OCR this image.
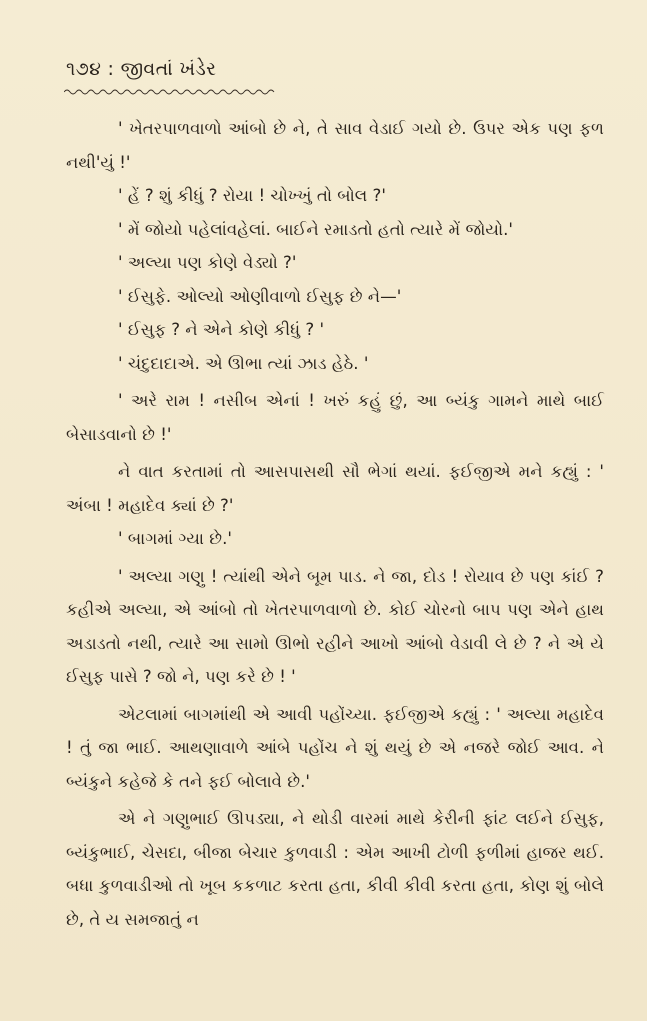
૧૭૪ : જીવતાં ખંડેર

' ખેતરપાળવાળો આંબો છે ને, તે સાવ વેડાઈ ગયો છે. ઉપર એક પણ ફળ નથી'યું !'

' હેં ? શું કીધું ? રોયા ! ચોખ્ખું તો બોલ ?'

' મેં જોયો પહેલાંવહેલાં. બાઈને રમાડતો હતો ત્યારે મેં જોયો.'

' અલ્યા પણ કોણે વેડ્યો ?'

' ઈસુફે. ઓલ્યો ઓણીવાળો ઈસુફ છે ને—'

' ઈસુફ ? ને એને કોણે કીધું ? '

' ચંદુદાદાએ. એ ઊભા ત્યાં ઝાડ હેઠે. '

' અરે રામ ! નસીબ એનાં ! ખરું કહું છું, આ બ્યંકુ ગામને માથે બાઈ બેસાડવાનો છે !'

ને વાત કરતામાં તો આસપાસથી સૌ ભેગાં થયાં. ફઈજીએ મને કહ્યું : ' અંબા ! મહાદેવ ક્યાં છે ?'

' બાગમાં ગ્યા છે.'

' અલ્યા ગણુ ! ત્યાંથી એને બૂમ પાડ. ને જા, દોડ ! રોયાવ છે પણ કાંઈ ? કહીએ અલ્યા, એ આંબો તો ખેતરપાળવાળો છે. કોઈ ચોરનો બાપ પણ એને હાથ અડાડતો નથી, ત્યારે આ સામો ઊભો રહીને આખો આંબો વેડાવી લે છે ? ને એ યે ઈસુફ પાસે ? જો ને, પણ કરે છે ! '

એટલામાં બાગમાંથી એ આવી પહોંચ્યા. ફઈજીએ કહ્યું : ' અલ્યા મહાદેવ ! તું જા ભાઈ. આથણાવાળે આંબે પહોંચ ને શું થયું છે એ નજરે જોઈ આવ. ને બ્યંકુને કહેજે કે તને ફઈ બોલાવે છે.'

એ ને ગણુભાઈ ઊપડ્યા, ને થોડી વારમાં માથે કેરીની ફાંટ લઈને ઈસુફ, બ્યંકુભાઈ, ચેસદા, બીજા બેચાર કુળવાડી : એમ આખી ટોળી ફળીમાં હાજર થઈ. બધા કુળવાડીઓ તો ખૂબ કકળાટ કરતા હતા, કીવી કીવી કરતા હતા, કોણ શું બોલે છે, તે ય સમજાતું ન
